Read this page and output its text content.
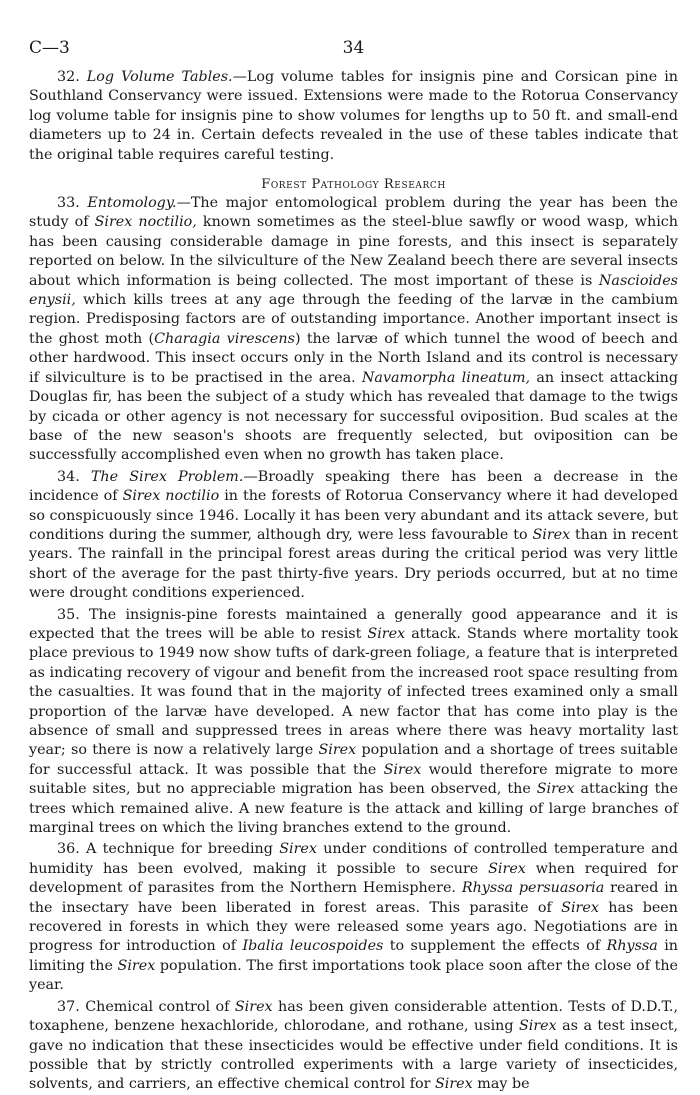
C—3	34

32. Log Volume Tables.—Log volume tables for insignis pine and Corsican pine in Southland Conservancy were issued. Extensions were made to the Rotorua Conservancy log volume table for insignis pine to show volumes for lengths up to 50 ft. and small-end diameters up to 24 in. Certain defects revealed in the use of these tables indicate that the original table requires careful testing.

Forest Pathology Research

33. Entomology.—The major entomological problem during the year has been the study of Sirex noctilio, known sometimes as the steel-blue sawfly or wood wasp, which has been causing considerable damage in pine forests, and this insect is separately reported on below. In the silviculture of the New Zealand beech there are several insects about which information is being collected. The most important of these is Nascioides enysii, which kills trees at any age through the feeding of the larvæ in the cambium region. Predisposing factors are of outstanding importance. Another important insect is the ghost moth (Charagia virescens) the larvæ of which tunnel the wood of beech and other hardwood. This insect occurs only in the North Island and its control is necessary if silviculture is to be practised in the area. Navamorpha lineatum, an insect attacking Douglas fir, has been the subject of a study which has revealed that damage to the twigs by cicada or other agency is not necessary for successful oviposition. Bud scales at the base of the new season's shoots are frequently selected, but oviposition can be successfully accomplished even when no growth has taken place.

34. The Sirex Problem.—Broadly speaking there has been a decrease in the incidence of Sirex noctilio in the forests of Rotorua Conservancy where it had developed so conspicuously since 1946. Locally it has been very abundant and its attack severe, but conditions during the summer, although dry, were less favourable to Sirex than in recent years. The rainfall in the principal forest areas during the critical period was very little short of the average for the past thirty-five years. Dry periods occurred, but at no time were drought conditions experienced.

35. The insignis-pine forests maintained a generally good appearance and it is expected that the trees will be able to resist Sirex attack. Stands where mortality took place previous to 1949 now show tufts of dark-green foliage, a feature that is interpreted as indicating recovery of vigour and benefit from the increased root space resulting from the casualties. It was found that in the majority of infected trees examined only a small proportion of the larvæ have developed. A new factor that has come into play is the absence of small and suppressed trees in areas where there was heavy mortality last year; so there is now a relatively large Sirex population and a shortage of trees suitable for successful attack. It was possible that the Sirex would therefore migrate to more suitable sites, but no appreciable migration has been observed, the Sirex attacking the trees which remained alive. A new feature is the attack and killing of large branches of marginal trees on which the living branches extend to the ground.

36. A technique for breeding Sirex under conditions of controlled temperature and humidity has been evolved, making it possible to secure Sirex when required for development of parasites from the Northern Hemisphere. Rhyssa persuasoria reared in the insectary have been liberated in forest areas. This parasite of Sirex has been recovered in forests in which they were released some years ago. Negotiations are in progress for introduction of Ibalia leucospoides to supplement the effects of Rhyssa in limiting the Sirex population. The first importations took place soon after the close of the year.

37. Chemical control of Sirex has been given considerable attention. Tests of D.D.T., toxaphene, benzene hexachloride, chlorodane, and rothane, using Sirex as a test insect, gave no indication that these insecticides would be effective under field conditions. It is possible that by strictly controlled experiments with a large variety of insecticides, solvents, and carriers, an effective chemical control for Sirex may be
